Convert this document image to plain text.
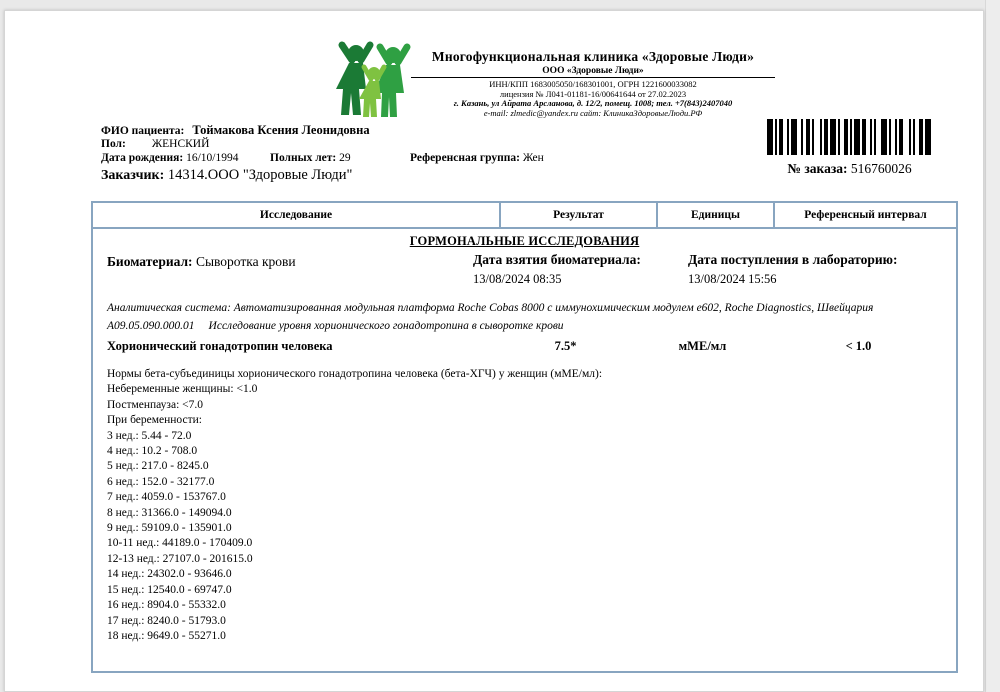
Многофункциональная клиника «Здоровые Люди»
ООО «Здоровые Люди»
ИНН/КПП 1683005050/168301001, ОГРН 1221600033082
лицензия № Л041-01181-16/00641644 от 27.02.2023
г. Казань, ул Айрата Арсланова, д. 12/2, помещ. 1008; тел. +7(843)2407040
e-mail: zlmedic@yandex.ru сайт: КлиникаЗдоровыеЛюди.РФ
№ заказа: 516760026
ФИО пациента: Тоймакова Ксения Леонидовна
Пол: ЖЕНСКИЙ
Дата рождения: 16/10/1994	Полных лет: 29	Референсная группа: Жен
Заказчик: 14314.ООО "Здоровые Люди"
Исследование	Результат	Единицы	Референсный интервал
ГОРМОНАЛЬНЫЕ ИССЛЕДОВАНИЯ
Биоматериал: Сыворотка крови	Дата взятия биоматериала:
13/08/2024 08:35
Дата поступления в лабораторию:
13/08/2024 15:56
Аналитическая система: Автоматизированная модульная платформа Roche Cobas 8000 с иммунохимическим модулем e602, Roche Diagnostics, Швейцария
A09.05.090.000.01 Исследование уровня хорионического гонадотропина в сыворотке крови
Хорионический гонадотропин человека	7.5*	мМЕ/мл	< 1.0
Нормы бета-субъединицы хорионического гонадотропина человека (бета-ХГЧ) у женщин (мМЕ/мл):
Небеременные женщины: <1.0
Постменпауза: <7.0
При беременности:
3 нед.: 5.44 - 72.0
4 нед.: 10.2 - 708.0
5 нед.: 217.0 - 8245.0
6 нед.: 152.0 - 32177.0
7 нед.: 4059.0 - 153767.0
8 нед.: 31366.0 - 149094.0
9 нед.: 59109.0 - 135901.0
10-11 нед.: 44189.0 - 170409.0
12-13 нед.: 27107.0 - 201615.0
14 нед.: 24302.0 - 93646.0
15 нед.: 12540.0 - 69747.0
16 нед.: 8904.0 - 55332.0
17 нед.: 8240.0 - 51793.0
18 нед.: 9649.0 - 55271.0
